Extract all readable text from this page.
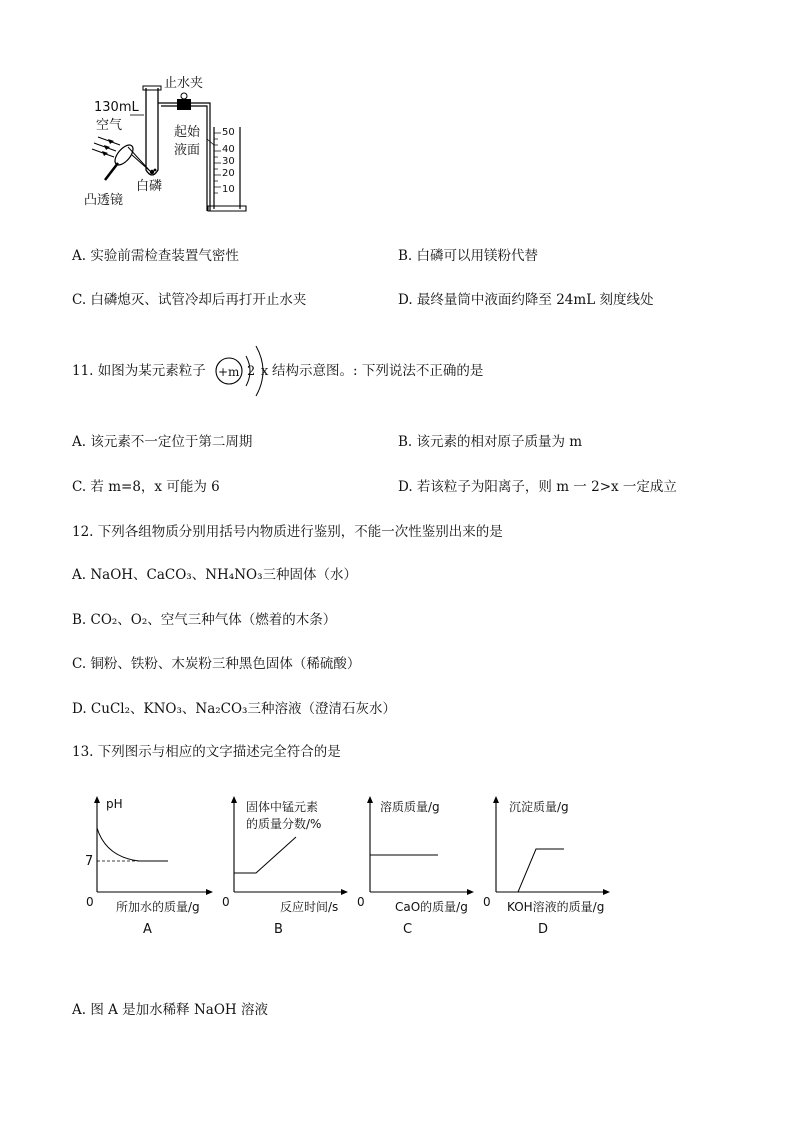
止水夹
130mL
空气	起始
液面
凸透镜
白磷
50
40
30
20
10
A. 实验前需检查装置气密性	B. 白磷可以用镁粉代替
C. 白磷熄灭、试管冷却后再打开止水夹	D. 最终量筒中液面约降至 24mL 刻度线处
11. 如图为某元素粒子 +m 2 x 结构示意图。: 下列说法不正确的是
A. 该元素不一定位于第二周期	B. 该元素的相对原子质量为 m
C. 若 m=8，x 可能为 6	D. 若该粒子为阳离子，则 m 一 2>x 一定成立
12. 下列各组物质分别用括号内物质进行鉴别，不能一次性鉴别出来的是
A. NaOH、CaCO₃、NH₄NO₃三种固体（水）
B. CO₂、O₂、空气三种气体（燃着的木条）
C. 铜粉、铁粉、木炭粉三种黑色固体（稀硫酸）
D. CuCl₂、KNO₃、Na₂CO₃三种溶液（澄清石灰水）
13. 下列图示与相应的文字描述完全符合的是
pH
7
0 所加水的质量/g
A
固体中锰元素
的质量分数/%
0	反应时间/s
B
溶质质量/g
0	CaO的质量/g
C
沉淀质量/g
0 KOH溶液的质量/g
D
A. 图 A 是加水稀释 NaOH 溶液
